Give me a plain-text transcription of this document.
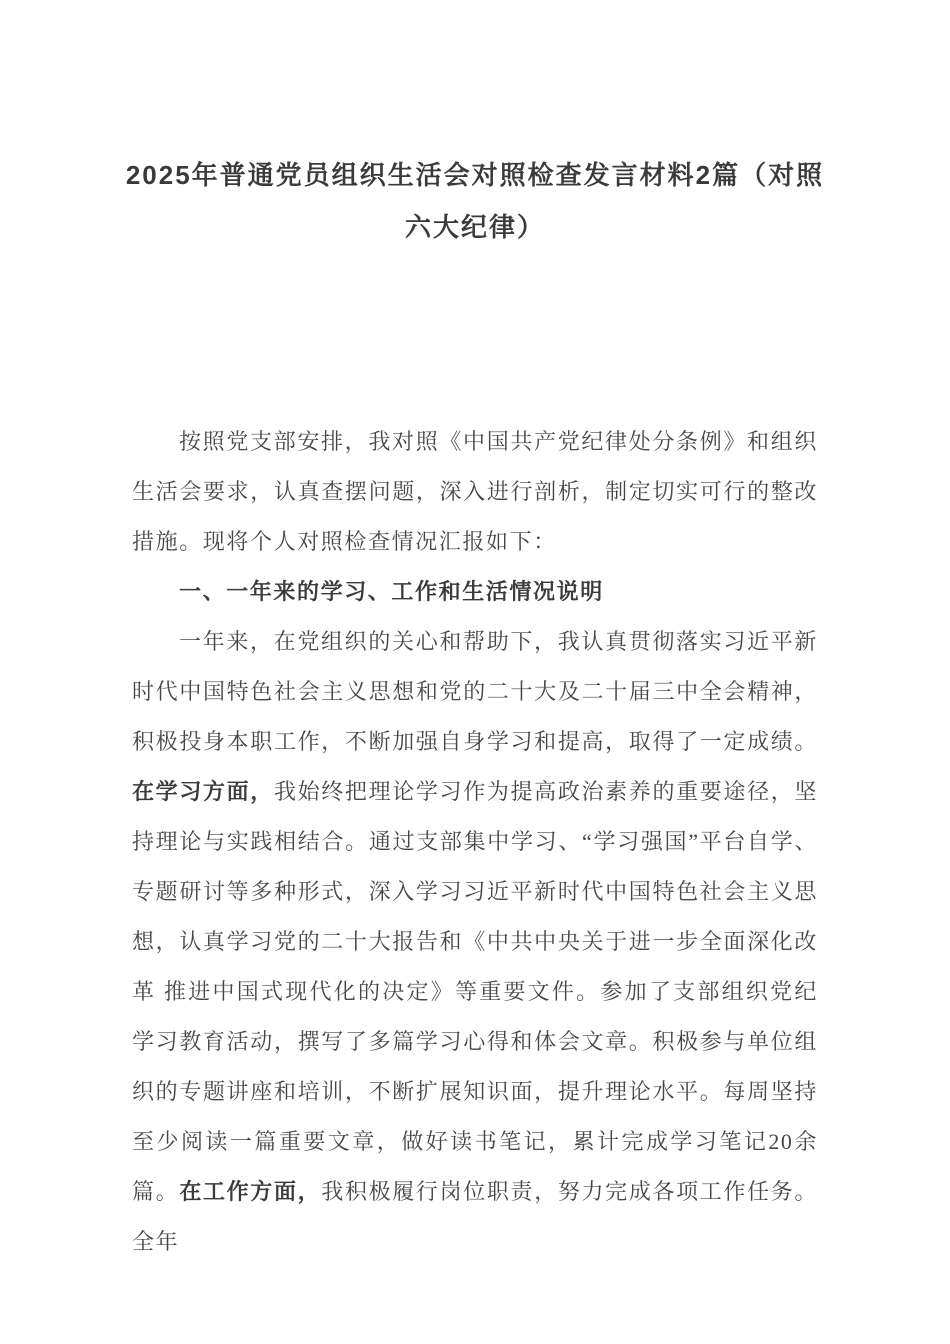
2025年普通党员组织生活会对照检查发言材料2篇（对照
六大纪律）

按照党支部安排，我对照《中国共产党纪律处分条例》和组织生活会要求，认真查摆问题，深入进行剖析，制定切实可行的整改措施。现将个人对照检查情况汇报如下：

一、一年来的学习、工作和生活情况说明

一年来，在党组织的关心和帮助下，我认真贯彻落实习近平新时代中国特色社会主义思想和党的二十大及二十届三中全会精神，积极投身本职工作，不断加强自身学习和提高，取得了一定成绩。在学习方面，我始终把理论学习作为提高政治素养的重要途径，坚持理论与实践相结合。通过支部集中学习、“学习强国”平台自学、专题研讨等多种形式，深入学习习近平新时代中国特色社会主义思想，认真学习党的二十大报告和《中共中央关于进一步全面深化改革 推进中国式现代化的决定》等重要文件。参加了支部组织党纪学习教育活动，撰写了多篇学习心得和体会文章。积极参与单位组织的专题讲座和培训，不断扩展知识面，提升理论水平。每周坚持至少阅读一篇重要文章，做好读书笔记，累计完成学习笔记20余篇。在工作方面，我积极履行岗位职责，努力完成各项工作任务。全年
